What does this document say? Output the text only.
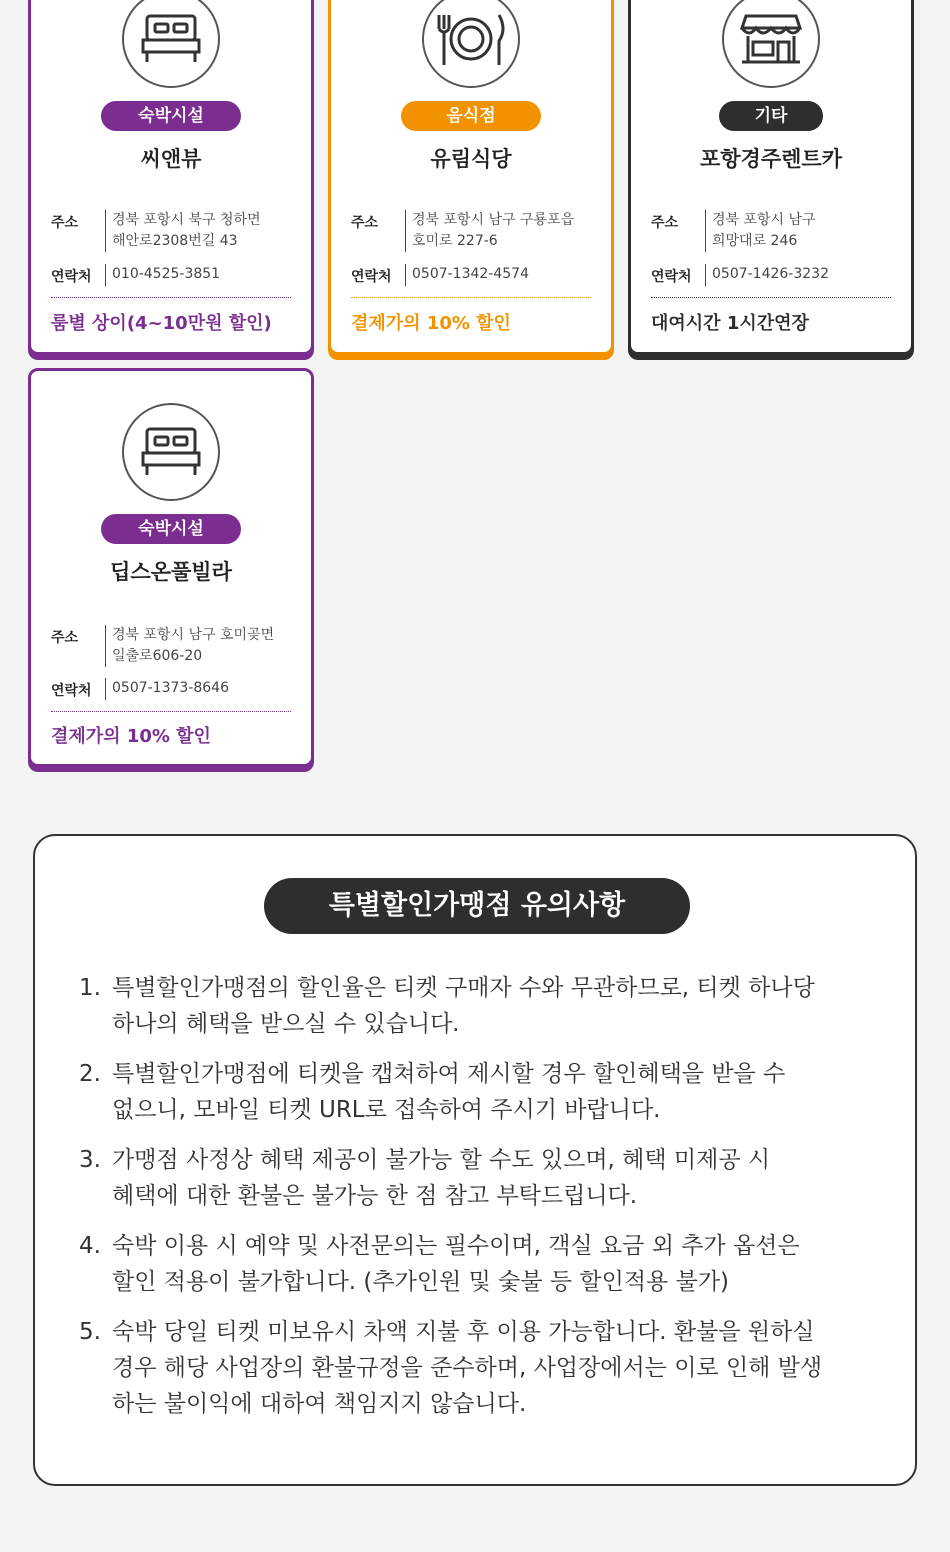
숙박시설
씨앤뷰
주소	경북 포항시 북구 청하면
해안로2308번길 43
연락처	010-4525-3851
룸별 상이(4~10만원 할인)
음식점
유림식당
주소	경북 포항시 남구 구룡포읍
호미로 227-6
연락처	0507-1342-4574
결제가의 10% 할인
기타
포항경주렌트카
주소	경북 포항시 남구
희망대로 246
연락처	0507-1426-3232
대여시간 1시간연장
숙박시설
딥스온풀빌라
주소	경북 포항시 남구 호미곶면
일출로606-20
연락처	0507-1373-8646
결제가의 10% 할인
특별할인가맹점 유의사항
1. 특별할인가맹점의 할인율은 티켓 구매자 수와 무관하므로, 티켓 하나당
하나의 혜택을 받으실 수 있습니다.
2. 특별할인가맹점에 티켓을 캡쳐하여 제시할 경우 할인혜택을 받을 수
없으니, 모바일 티켓 URL로 접속하여 주시기 바랍니다.
3. 가맹점 사정상 혜택 제공이 불가능 할 수도 있으며, 혜택 미제공 시
혜택에 대한 환불은 불가능 한 점 참고 부탁드립니다.
4. 숙박 이용 시 예약 및 사전문의는 필수이며, 객실 요금 외 추가 옵션은
할인 적용이 불가합니다. (추가인원 및 숯불 등 할인적용 불가)
5. 숙박 당일 티켓 미보유시 차액 지불 후 이용 가능합니다. 환불을 원하실
경우 해당 사업장의 환불규정을 준수하며, 사업장에서는 이로 인해 발생
하는 불이익에 대하여 책임지지 않습니다.
